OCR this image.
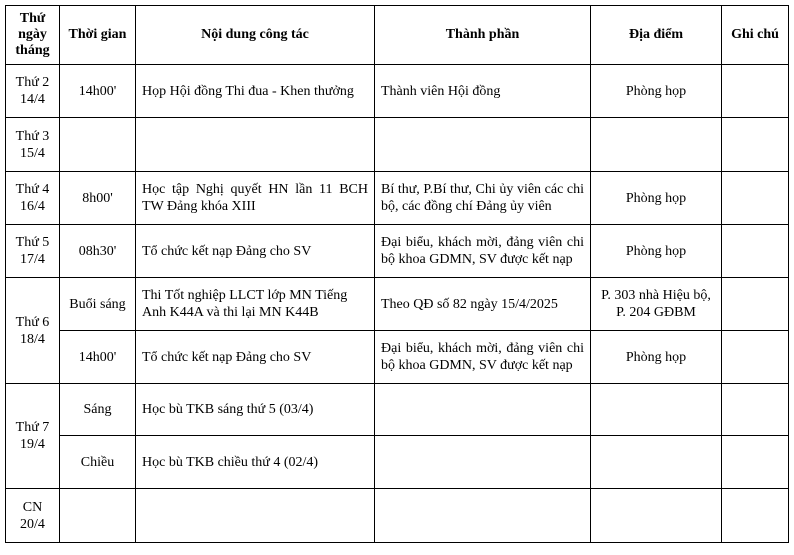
Thứ ngày tháng	Thời gian	Nội dung công tác	Thành phần	Địa điểm	Ghi chú

Thứ 2
14/4	14h00'	Họp Hội đồng Thi đua - Khen thưởng	Thành viên Hội đồng	Phòng họp	

Thứ 3
15/4					

Thứ 4
16/4	8h00'	Học tập Nghị quyết HN lần 11 BCH TW Đảng khóa XIII	Bí thư, P.Bí thư, Chi ủy viên các chi bộ, các đồng chí Đảng ủy viên	Phòng họp	

Thứ 5
17/4	08h30'	Tổ chức kết nạp Đảng cho SV	Đại biểu, khách mời, đảng viên chi bộ khoa GDMN, SV được kết nạp	Phòng họp	

Thứ 6
18/4	Buổi sáng	Thi Tốt nghiệp LLCT lớp MN Tiếng Anh K44A và thi lại MN K44B	Theo QĐ số 82 ngày 15/4/2025	P. 303 nhà Hiệu bộ, P. 204 GĐBM	
	14h00'	Tổ chức kết nạp Đảng cho SV	Đại biểu, khách mời, đảng viên chi bộ khoa GDMN, SV được kết nạp	Phòng họp	

Thứ 7
19/4	Sáng	Học bù TKB sáng thứ 5 (03/4)			
	Chiều	Học bù TKB chiều thứ 4 (02/4)			

CN
20/4					
